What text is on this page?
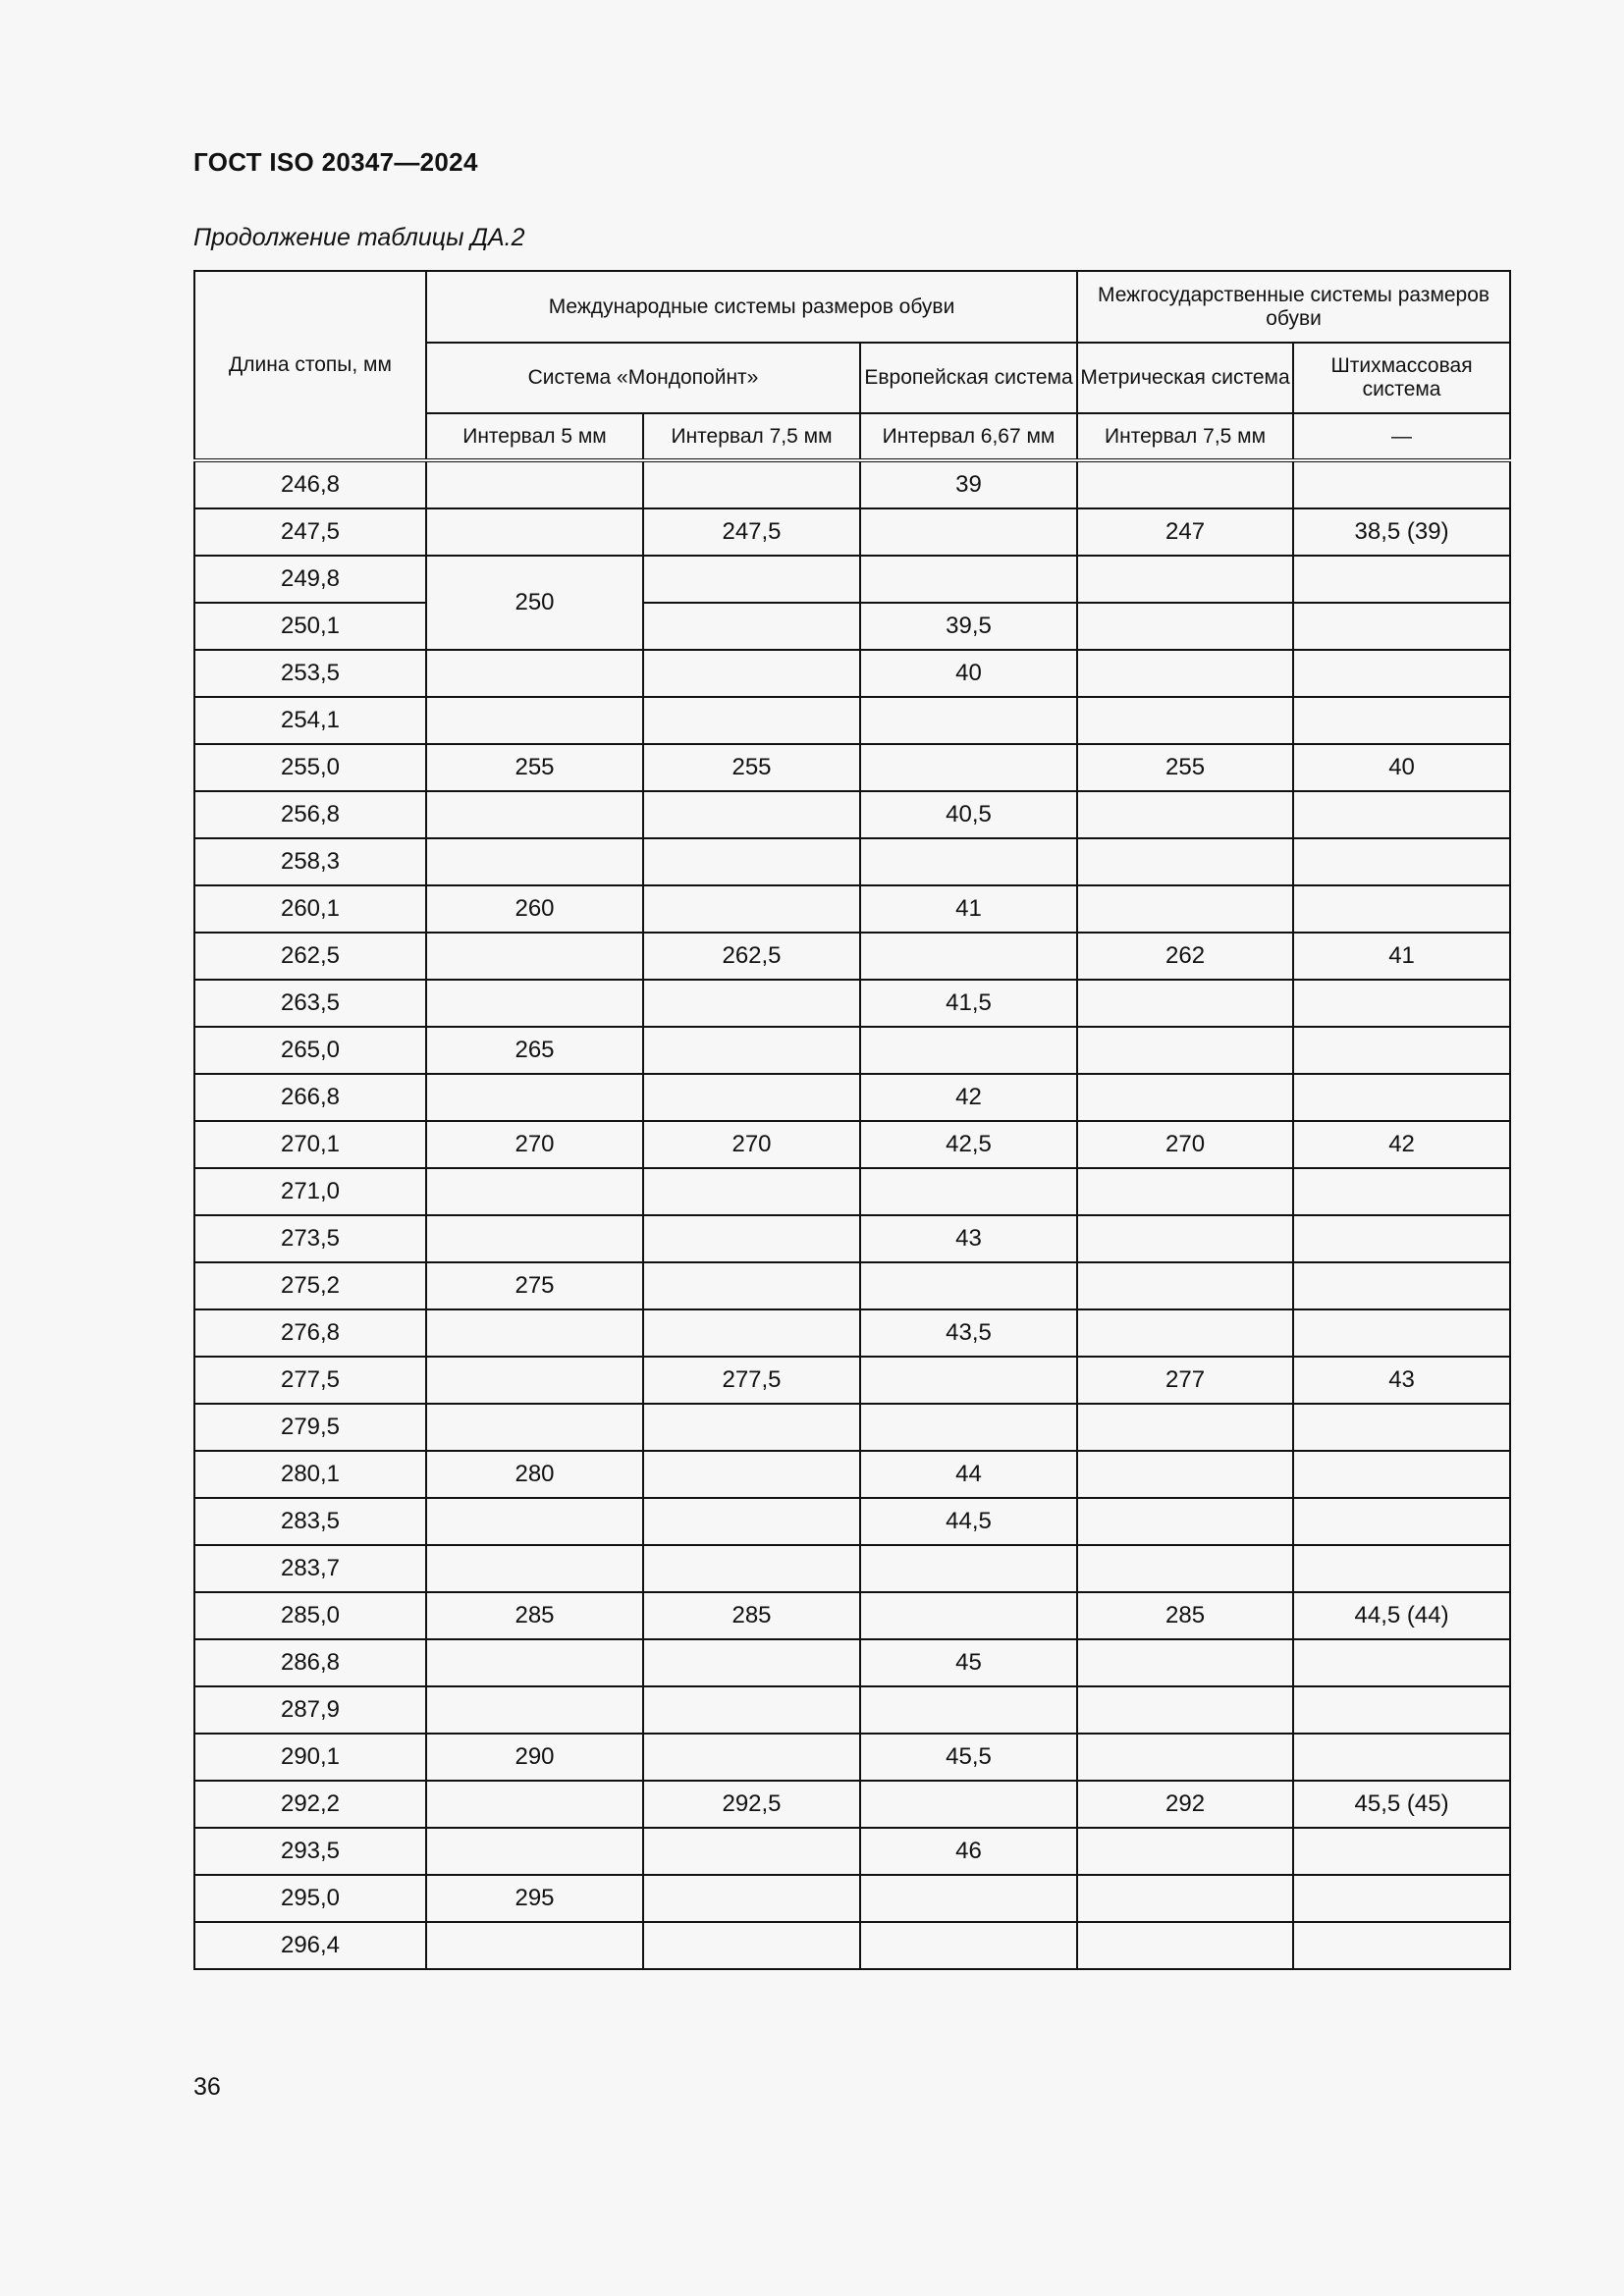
ГОСТ ISO 20347—2024
Продолжение таблицы ДА.2
Длина стопы, мм	Международные системы размеров обуви			Межгосударственные системы размеров обуви	
	Система «Мондопойнт»		Европейская система	Метрическая система	Штихмассовая система
	Интервал 5 мм	Интервал 7,5 мм	Интервал 6,67 мм	Интервал 7,5 мм	—
246,8			39		
247,5		247,5		247	38,5 (39)
249,8	250				
250,1			39,5		
253,5			40		
254,1					
255,0	255	255		255	40
256,8			40,5		
258,3					
260,1	260		41		
262,5		262,5		262	41
263,5			41,5		
265,0	265				
266,8			42		
270,1	270	270	42,5	270	42
271,0					
273,5			43		
275,2	275				
276,8			43,5		
277,5		277,5		277	43
279,5					
280,1	280		44		
283,5			44,5		
283,7					
285,0	285	285		285	44,5 (44)
286,8			45		
287,9					
290,1	290		45,5		
292,2		292,5		292	45,5 (45)
293,5			46		
295,0	295				
296,4					
36
